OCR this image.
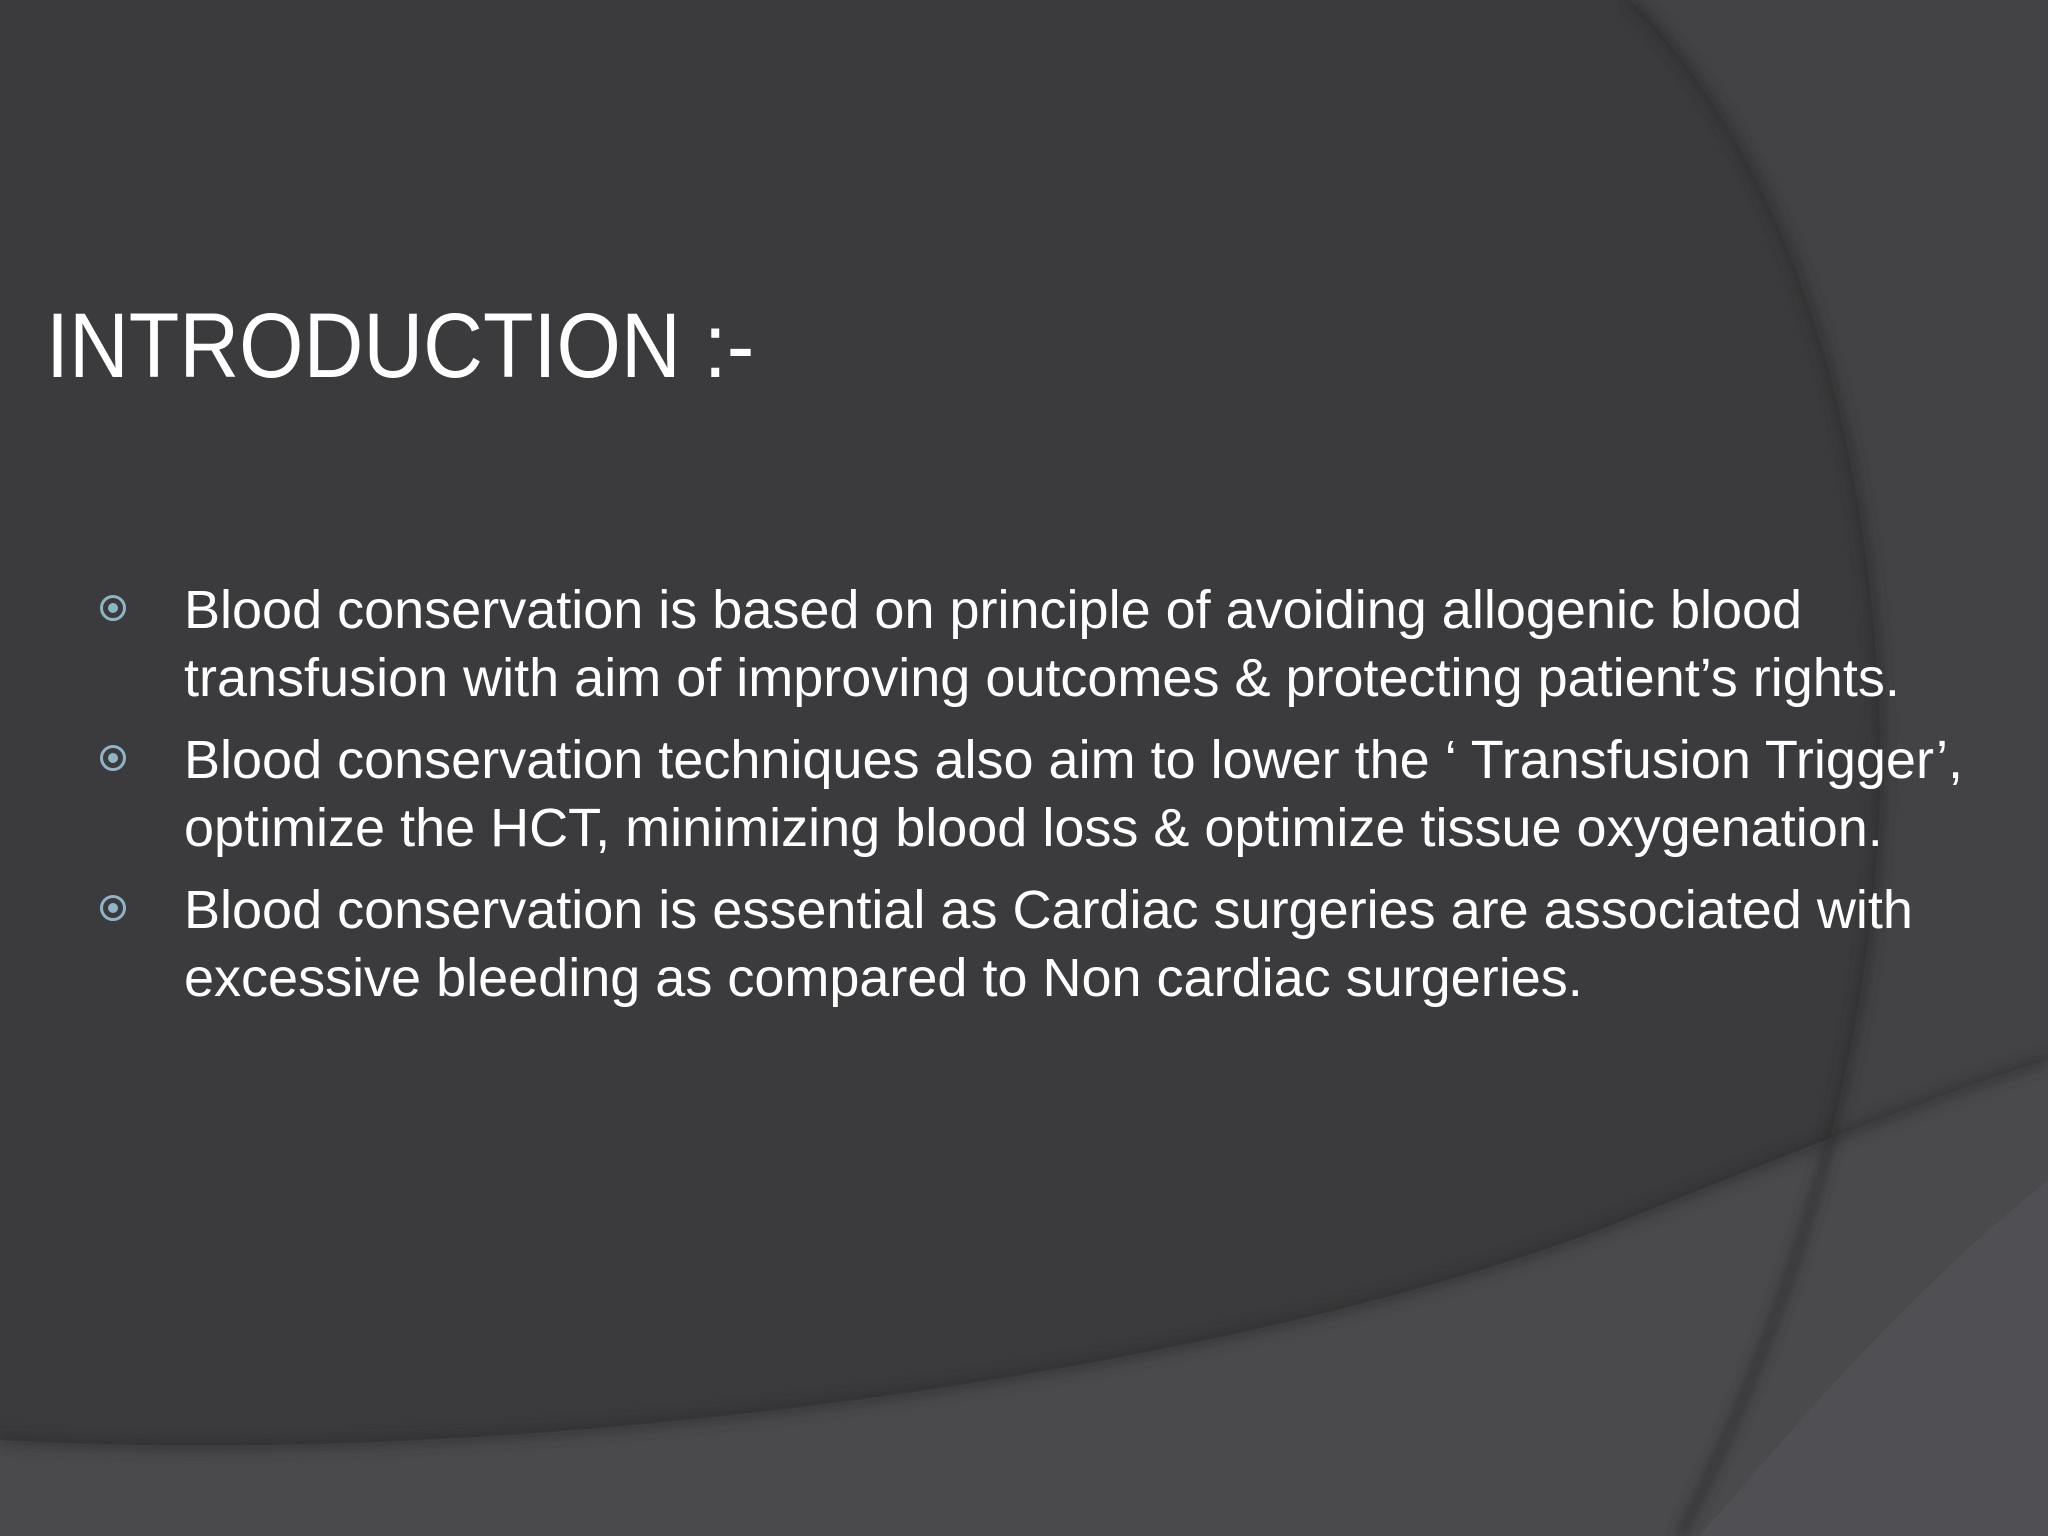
INTRODUCTION :-
Blood conservation is based on principle of avoiding allogenic blood transfusion with aim of improving outcomes & protecting patient’s rights.
Blood conservation techniques also aim to lower the ‘ Transfusion Trigger’, optimize the HCT, minimizing blood loss & optimize tissue oxygenation.
Blood conservation is essential as Cardiac surgeries are associated with excessive bleeding as compared to Non cardiac surgeries.
